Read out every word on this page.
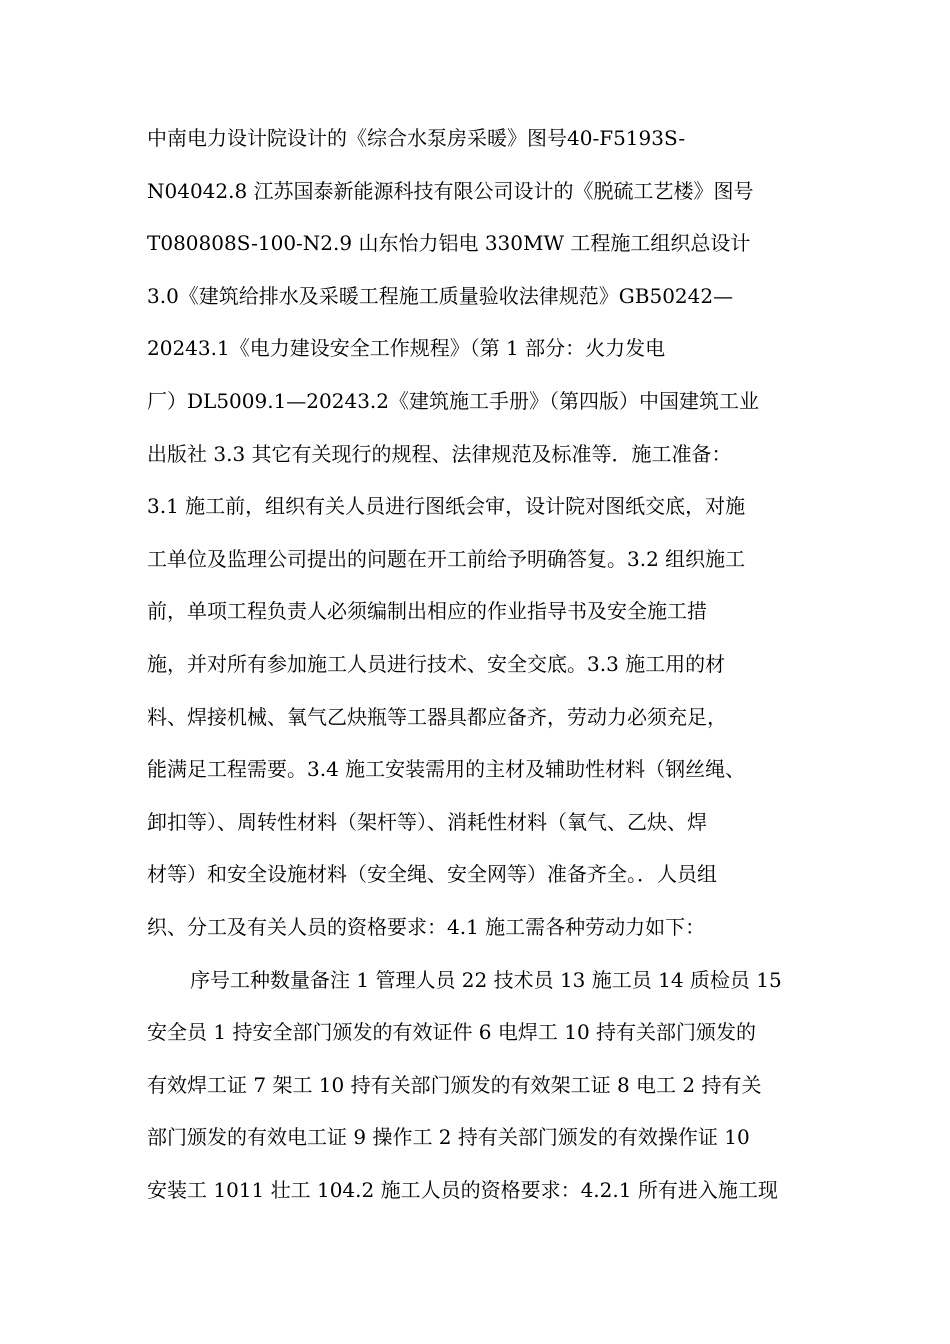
中南电力设计院设计的《综合水泵房采暖》图号40-F5193S-
N04042.8 江苏国泰新能源科技有限公司设计的《脱硫工艺楼》图号
T080808S-100-N2.9 山东怡力铝电 330MW 工程施工组织总设计
3.0《建筑给排水及采暖工程施工质量验收法律规范》GB50242—
20243.1《电力建设安全工作规程》（第 1 部分：火力发电
厂）DL5009.1—20243.2《建筑施工手册》（第四版）中国建筑工业
出版社 3.3 其它有关现行的规程、法律规范及标准等．施工准备：
3.1 施工前，组织有关人员进行图纸会审，设计院对图纸交底，对施
工单位及监理公司提出的问题在开工前给予明确答复。3.2 组织施工
前，单项工程负责人必须编制出相应的作业指导书及安全施工措
施，并对所有参加施工人员进行技术、安全交底。3.3 施工用的材
料、焊接机械、氧气乙炔瓶等工器具都应备齐，劳动力必须充足，
能满足工程需要。3.4 施工安装需用的主材及辅助性材料（钢丝绳、
卸扣等）、周转性材料（架杆等）、消耗性材料（氧气、乙炔、焊
材等）和安全设施材料（安全绳、安全网等）准备齐全。．人员组
织、分工及有关人员的资格要求：4.1 施工需各种劳动力如下：
序号工种数量备注 1 管理人员 22 技术员 13 施工员 14 质检员 15
安全员 1 持安全部门颁发的有效证件 6 电焊工 10 持有关部门颁发的
有效焊工证 7 架工 10 持有关部门颁发的有效架工证 8 电工 2 持有关
部门颁发的有效电工证 9 操作工 2 持有关部门颁发的有效操作证 10
安装工 1011 壮工 104.2 施工人员的资格要求：4.2.1 所有进入施工现
